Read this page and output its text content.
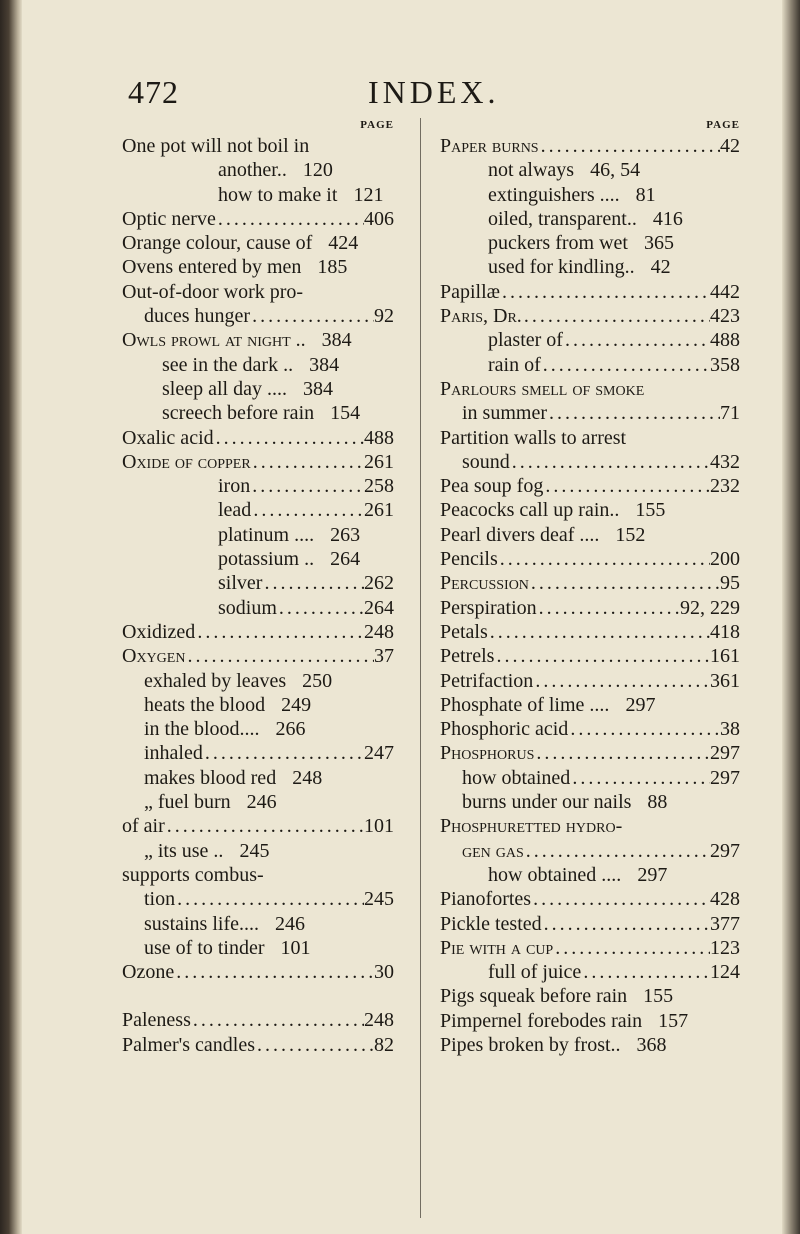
472	INDEX.
PAGE
One pot will not boil in
another.. 120
how to make it 121
Optic nerve .....	406
Orange colour, cause of 424
Ovens entered by men 185
Out-of-door work pro-
duces hunger .....	92
Owls prowl at night .. 384
see in the dark .. 384
sleep all day .... 384
screech before rain 154
Oxalic acid .....	488
Oxide of copper .....	261
iron .....	258
lead .....	261
platinum .... 263
potassium .. 264
silver .....	262
sodium .....	264
Oxidized .....	248
Oxygen .....	37
exhaled by leaves 250
heats the blood 249
in the blood.... 266
inhaled .....	247
makes blood red 248
„ fuel burn 246
of air .....	101
„ its use .. 245
supports combus-
tion .....	245
sustains life.... 246
use of to tinder 101
Ozone .....	30
Paleness .....	248
Palmer's candles .....	82
PAGE
Paper burns .....	42
not always 46, 54
extinguishers .... 81
oiled, transparent.. 416
puckers from wet 365
used for kindling.. 42
Papillæ .....	442
Paris, Dr. .....	423
plaster of .....	488
rain of .....	358
Parlours smell of smoke
in summer .....	71
Partition walls to arrest
sound .....	432
Pea soup fog .....	232
Peacocks call up rain.. 155
Pearl divers deaf .... 152
Pencils .....	200
Percussion .....	95
Perspiration .....	92, 229
Petals .....	418
Petrels .....	161
Petrifaction .....	361
Phosphate of lime .... 297
Phosphoric acid .....	38
Phosphorus .....	297
how obtained .....	297
burns under our nails 88
Phosphuretted hydro-
gen gas .....	297
how obtained .... 297
Pianofortes .....	428
Pickle tested .....	377
Pie with a cup .....	123
full of juice .....	124
Pigs squeak before rain 155
Pimpernel forebodes rain 157
Pipes broken by frost.. 368
